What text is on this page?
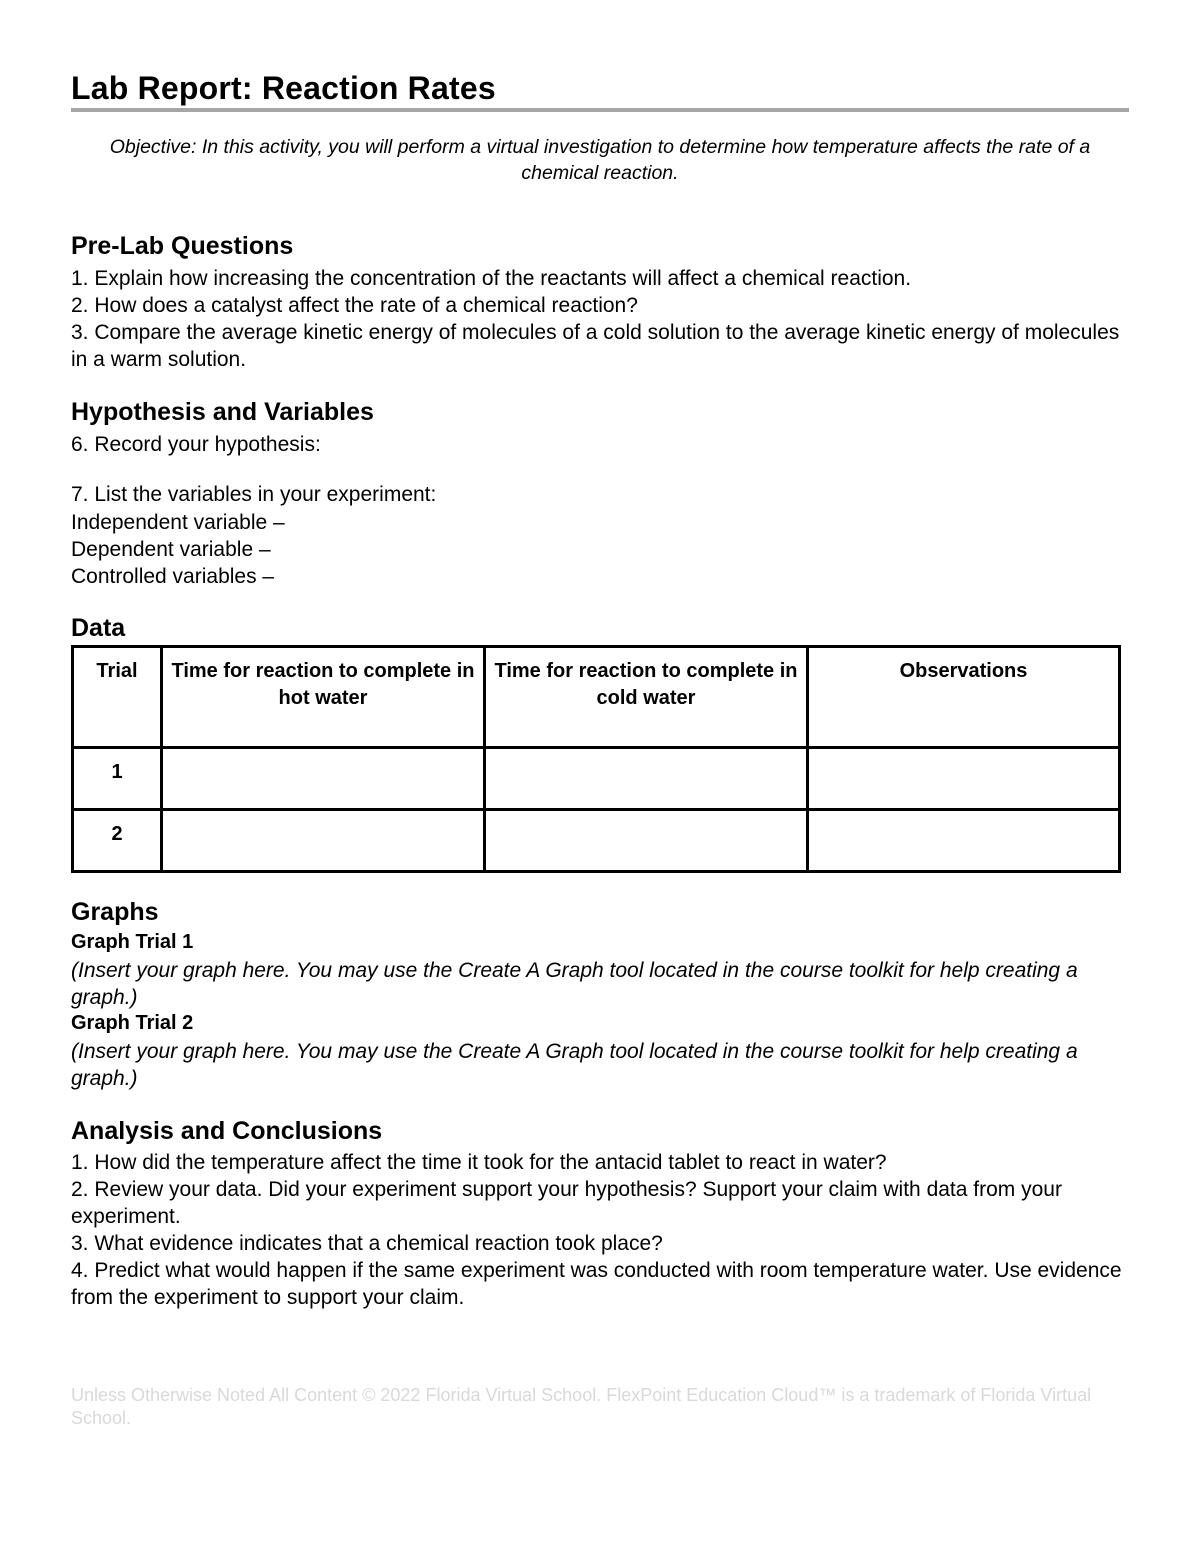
Lab Report: Reaction Rates
Objective: In this activity, you will perform a virtual investigation to determine how temperature affects the rate of a chemical reaction.
Pre-Lab Questions
1. Explain how increasing the concentration of the reactants will affect a chemical reaction.
2. How does a catalyst affect the rate of a chemical reaction?
3. Compare the average kinetic energy of molecules of a cold solution to the average kinetic energy of molecules in a warm solution.
Hypothesis and Variables
6. Record your hypothesis:
7. List the variables in your experiment:
Independent variable –
Dependent variable –
Controlled variables –
Data
Trial	Time for reaction to complete in hot water	Time for reaction to complete in cold water	Observations
1			
2			
Graphs
Graph Trial 1
(Insert your graph here. You may use the Create A Graph tool located in the course toolkit for help creating a graph.)
Graph Trial 2
(Insert your graph here. You may use the Create A Graph tool located in the course toolkit for help creating a graph.)
Analysis and Conclusions
1. How did the temperature affect the time it took for the antacid tablet to react in water?
2. Review your data. Did your experiment support your hypothesis? Support your claim with data from your experiment.
3. What evidence indicates that a chemical reaction took place?
4. Predict what would happen if the same experiment was conducted with room temperature water. Use evidence from the experiment to support your claim.
Unless Otherwise Noted All Content © 2022 Florida Virtual School. FlexPoint Education Cloud™ is a trademark of Florida Virtual School.
